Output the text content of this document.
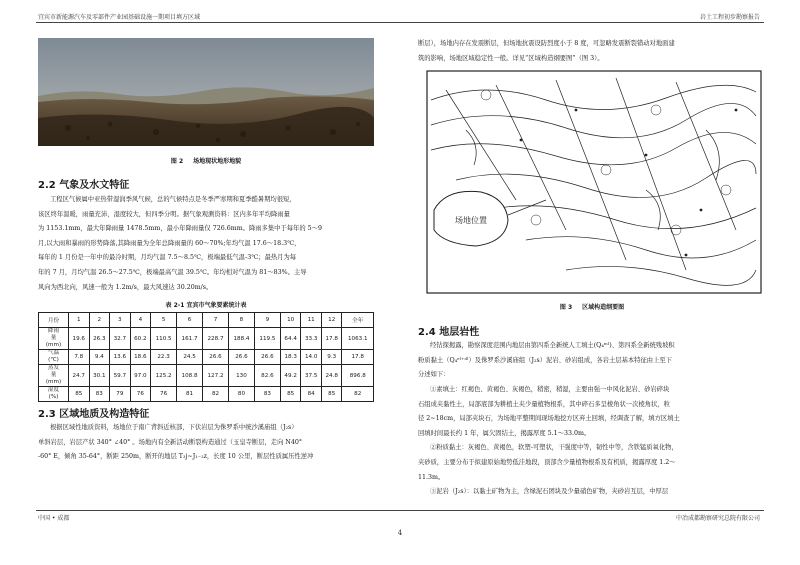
宜宾市新能源汽车及零部件产业园基础设施一期项目填方区域	岩土工程初步勘察报告
图 2 场地现状地形地貌
2.2 气象及水文特征
工程区气候属中亚热带湿润季风气候，总的气候特点是冬季严寒期和夏季酷暑期均很短，
该区终年温暖，雨量充沛，湿度较大，但四季分明。据气象观测资料：区内多年平均降雨量
为 1153.1mm，最大年降雨量 1478.5mm，最小年降雨量仅 726.6mm。降雨多集中于每年的 5～9
月,以大雨和暴雨的形势降落,其降雨量为全年总降雨量的 60～70%;年均气温 17.6～18.3℃，
每年的 1 月份是一年中的最冷时期，月均气温 7.5～8.5℃，极端最低气温-3℃；最热月为每
年的 7 月，月均气温 26.5～27.5℃，极端最高气温 39.5℃。年均相对气温为 81～83%。主导
风向为西北向，风速一般为 1.2m/s，最大风速达 30.20m/s。
表 2-1 宜宾市气象要素统计表
月份	1	2	3	4	5	6	7	8	9	10	11	12	全年

降雨
量
(mm)	19.6	26.3	32.7	60.2	110.5	161.7	228.7	188.4	119.5	64.4	33.3	17.8	1063.1

气温
(℃)	7.8	9.4	13.6	18.6	22.3	24.5	26.6	26.6	26.6	18.3	14.0	9.3	17.8

蒸发
量
(mm)	24.7	30.1	59.7	97.0	125.2	108.8	127.2	130	82.6	49.2	37.5	24.8	896.8

湿度
(%)	85	83	79	76	76	81	82	80	83	85	84	85	82
2.3 区域地质及构造特征
根据区域性地质资料，场地位于南广背斜近核部，下伏岩层为侏罗系中统沙溪庙组（J₂s）
单斜岩层，岩层产状 340° ∠40° 。场地内有全新活动断裂构造通过（玉皇寺断层，走向 N40°
-60° E，倾角 35-64°，断距 250m，断开的地层 T₃j~J₁₋₂z，长度 10 公里，断层性质属压性逆冲
断层），场地内存在发震断层，但场地抗震设防烈度小于 8 度，可忽略发震断裂错动对地面建
筑的影响，场地区域稳定性一般。详见“区域构造纲要图”（图 3）。
场地位置
图 3 区域构造纲要图
2.4 地层岩性
经钻探揭露，勘察深度范围内地层由第四系全新统人工填土(Q₄ᵐˡ)、第四系全新统残坡积
粉质黏土（Q₄ᵉˡ⁺ᵈˡ）及侏罗系沙溪庙组（J₂s）泥岩、砂岩组成，各岩土层基本特征由上至下
分述如下：
①素填土：红褐色、黄褐色、灰褐色，稍密，稍湿，主要由强一中风化泥岩、砂岩碎块
石组成夹黏性土，局部底部为耕植土夹少量植物根系，其中碎石多呈棱角状一次棱角状，粒
径 2~18cm，局部夹块石，为场地平整期间现场地挖方区弃土回填，经调查了解，填方区填土
回填时间最长约 1 年，属欠固结土，揭露厚度 5.1～33.0m。
②粉质黏土：灰褐色、黄褐色，软塑-可塑状，干强度中等，韧性中等，含铁锰质氧化物，
夹砂质，主要分布于拟建原始地势低洼地段，顶部含少量植物根系及有机质，揭露厚度 1.2～
11.3m。
③泥岩（J₂s）：以黏土矿物为主，含绿泥石团块及少量硝色矿物，夹砂岩互层，中厚层
中国 • 成都	中冶成都勘察研究总院有限公司
4
